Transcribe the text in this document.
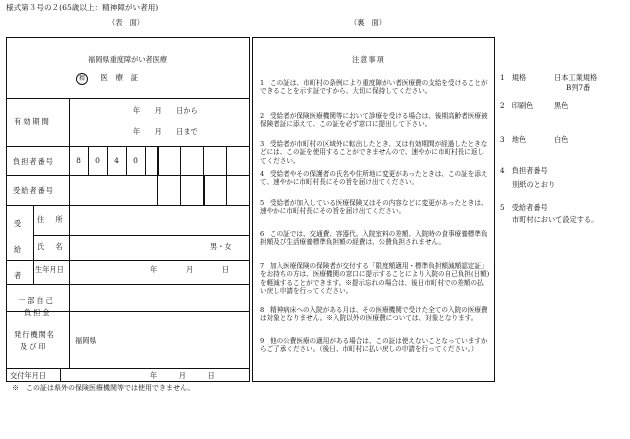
様式第３号の２(65歳以上：精神障がい者用)
（表　面）	（裏　面）
福岡県重度障がい者医療
精 医　療　証
有効期間
年　　月　　日から
年　　月　　日まで
負担者番号	8	0	4	0
受給者番号
受給者
住　所
氏　名	男・女
生年月日	年　　　　月　　　　日
一部自己
負担金
発行機関名
及び印
福岡県
交付年月日	年　　　月　　　日
※　この証は県外の保険医療機関等では使用できません。
注意事項
1 この証は、市町村の条例により重度障がい者医療費の支給を受けることができることを示す証ですから、大切に保持してください。
2 受給者が保険医療機関等において診療を受ける場合は、後期高齢者医療被保険者証に添えて、この証を必ず窓口に提出して下さい。
3 受給者が市町村の区域外に転出したとき、又は有効期間が経過したときなどには、この証を使用することができませんので、速やかに市町村長に返してください。
4 受給者やその保護者の氏名や住所地に変更があったときは、この証を添えて、速やかに市町村長にその旨を届け出てください。
5 受給者が加入している医療保険又はその内容などに変更があったときは、速やかに市町村長にその旨を届け出てください。
6 この証では、交通費、容器代、入院室料の差額、入院時の食事療養標準負担額及び生活療養標準負担額の経費は、公費負担されません。
7 加入医療保険の保険者が交付する「限度額適用・標準負担額減額認定証」をお持ちの方は、医療機関の窓口に提示することにより入院の自己負担(日額)を軽減することができます。※提示忘れの場合は、後日市町村での差額の払い戻し申請を行ってください。
8 精神病床への入院がある月は、その医療機関で受けた全ての入院の医療費は対象となりません。※入院以外の医療費については、対象となります。
9 他の公費医療の適用がある場合は、この証は使えないことなっていますからご了承ください。（後日、市町村に払い戻しの申請を行ってください。）
1　 規格	日本工業規格
B列7番
2　 印刷色	黒色
3　 地色	白色
4　 負担者番号
別紙のとおり
5　 受給者番号
市町村において設定する。
